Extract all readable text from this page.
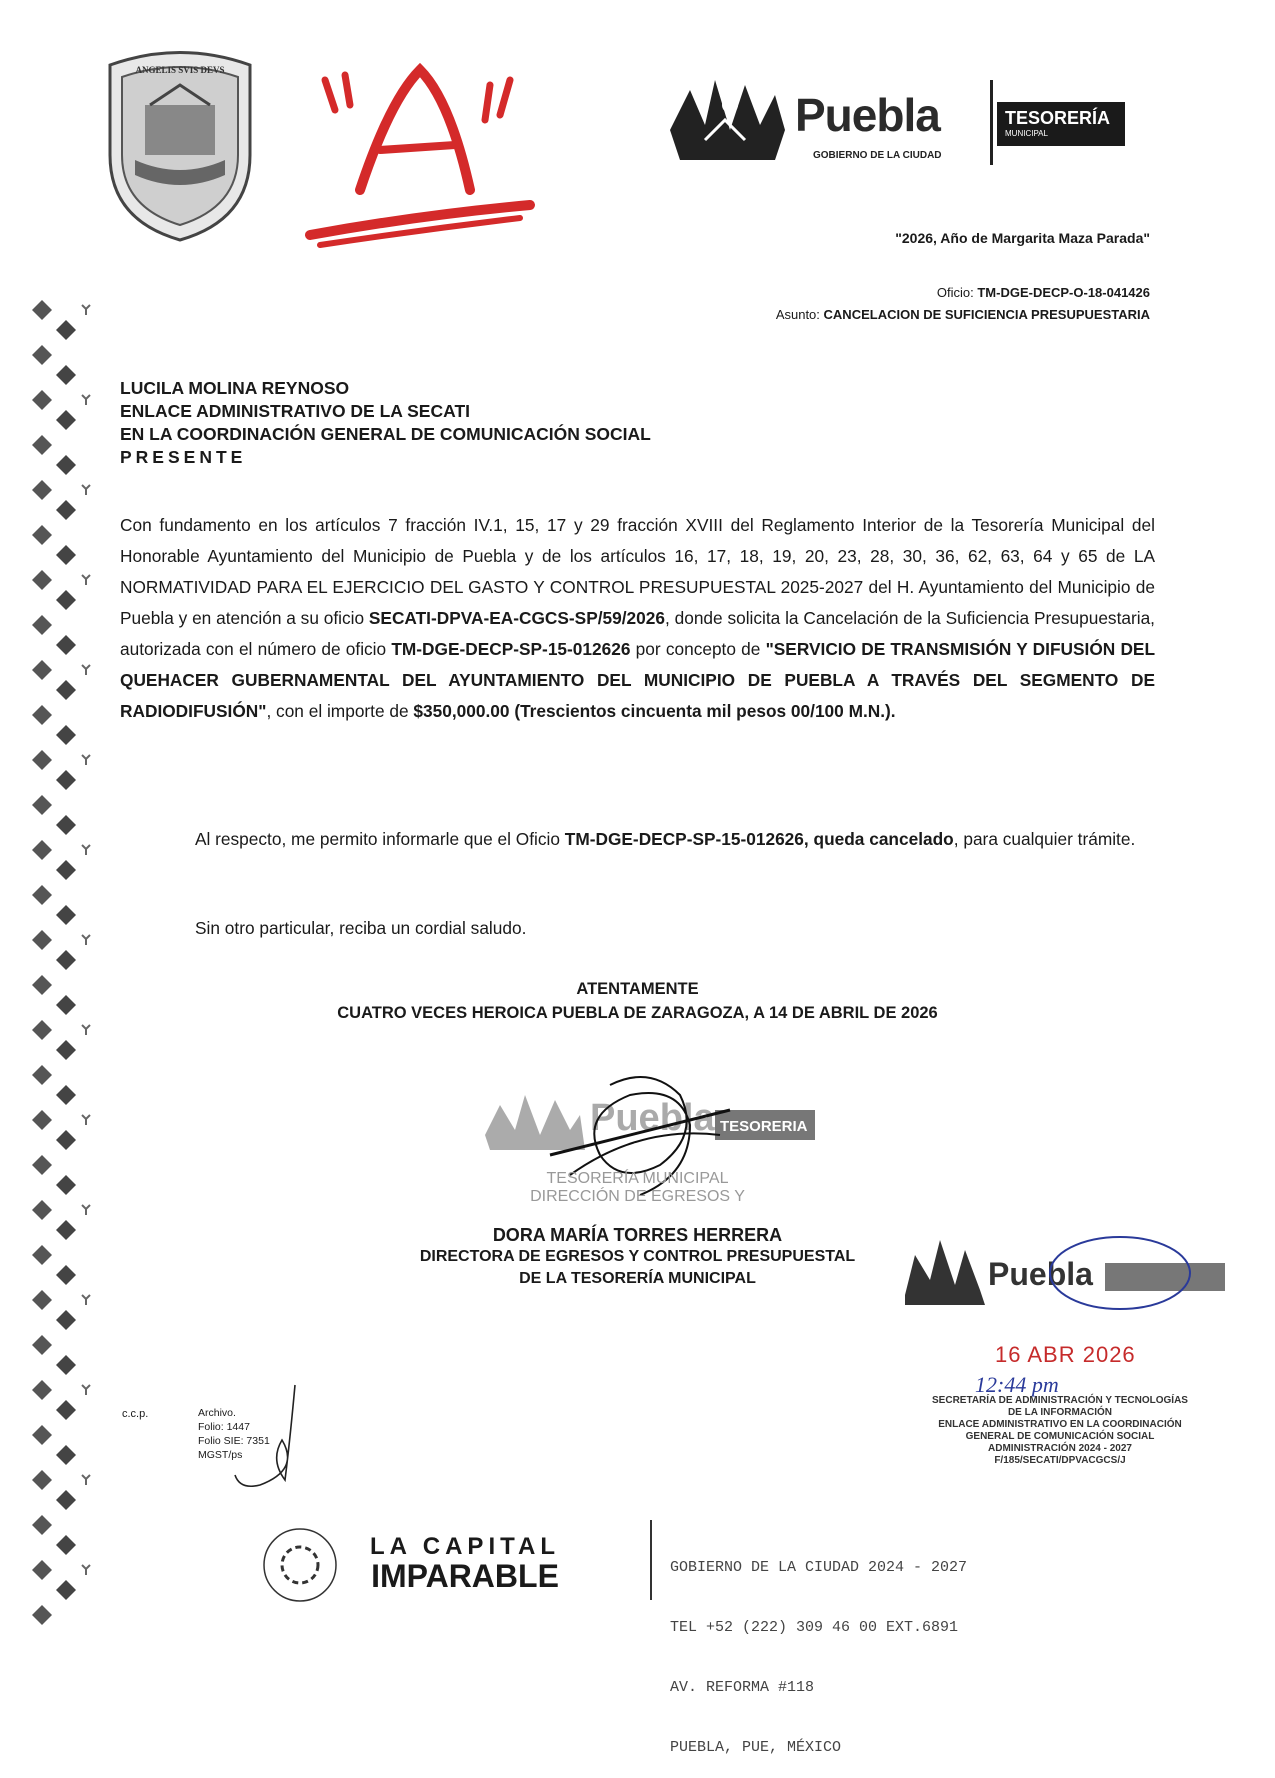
ANGELIS SVIS DEVS
Puebla
GOBIERNO DE LA CIUDAD
TESORERÍA
MUNICIPAL
"2026, Año de Margarita Maza Parada"
Oficio: TM-DGE-DECP-O-18-041426
Asunto: CANCELACION DE SUFICIENCIA PRESUPUESTARIA
LUCILA MOLINA REYNOSO
ENLACE ADMINISTRATIVO DE LA SECATI
EN LA COORDINACIÓN GENERAL DE COMUNICACIÓN SOCIAL
PRESENTE
Con fundamento en los artículos 7 fracción IV.1, 15, 17 y 29 fracción XVIII del Reglamento Interior de la Tesorería Municipal del Honorable Ayuntamiento del Municipio de Puebla y de los artículos 16, 17, 18, 19, 20, 23, 28, 30, 36, 62, 63, 64 y 65 de LA NORMATIVIDAD PARA EL EJERCICIO DEL GASTO Y CONTROL PRESUPUESTAL 2025-2027 del H. Ayuntamiento del Municipio de Puebla y en atención a su oficio SECATI-DPVA-EA-CGCS-SP/59/2026, donde solicita la Cancelación de la Suficiencia Presupuestaria, autorizada con el número de oficio TM-DGE-DECP-SP-15-012626 por concepto de "SERVICIO DE TRANSMISIÓN Y DIFUSIÓN DEL QUEHACER GUBERNAMENTAL DEL AYUNTAMIENTO DEL MUNICIPIO DE PUEBLA A TRAVÉS DEL SEGMENTO DE RADIODIFUSIÓN", con el importe de $350,000.00 (Trescientos cincuenta mil pesos 00/100 M.N.).
Al respecto, me permito informarle que el Oficio TM-DGE-DECP-SP-15-012626, queda cancelado, para cualquier trámite.
Sin otro particular, reciba un cordial saludo.
ATENTAMENTE
CUATRO VECES HEROICA PUEBLA DE ZARAGOZA, A 14 DE ABRIL DE 2026
Puebla TESORERIA
TESORERÍA MUNICIPAL
DIRECCIÓN DE EGRESOS Y
DORA MARÍA TORRES HERRERA
DIRECTORA DE EGRESOS Y CONTROL PRESUPUESTAL
DE LA TESORERÍA MUNICIPAL	Puebla
16 ABR 2026
12:44 pm
SECRETARÍA DE ADMINISTRACIÓN Y TECNOLOGÍAS
DE LA INFORMACIÓN
ENLACE ADMINISTRATIVO EN LA COORDINACIÓN
GENERAL DE COMUNICACIÓN SOCIAL
ADMINISTRACIÓN 2024 - 2027
F/185/SECATI/DPVACGCS/J
c.c.p.	Archivo.
Folio: 1447
Folio SIE: 7351
MGST/ps
LA CAPITAL
IMPARABLE

	GOBIERNO DE LA CIUDAD 2024 - 2027

TEL +52 (222) 309 46 00 EXT.6891

AV. REFORMA #118

PUEBLA, PUE, MÉXICO
